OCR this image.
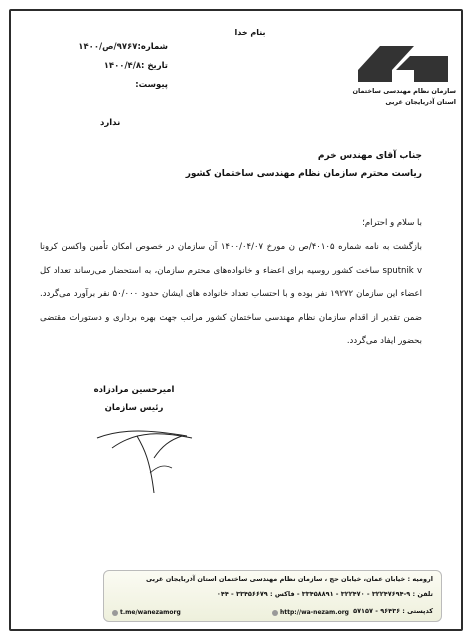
بنام خدا
شماره:
۹۷۶۷/ص/۱۴۰۰
تاریخ :
۱۴۰۰/۴/۸
پیوست:
سازمان نظام مهندسی ساختمان
استان آذربایجان غربی
ندارد
جناب آقای مهندس خرم
ریاست محترم سازمان نظام مهندسی ساختمان کشور
با سلام و احترام؛

بازگشت به نامه شماره ۴۰۱۰۵/ص ن مورخ ۱۴۰۰/۰۴/۰۷ آن سازمان در خصوص امکان تأمین واکسن کرونا sputnik v ساخت کشور روسیه برای اعضاء و خانواده‌های محترم سازمان، به استحضار می‌رساند تعداد کل اعضاء این سازمان ۱۹۲۷۲ نفر بوده و با احتساب تعداد خانواده های ایشان حدود ۵۰/۰۰۰ نفر برآورد می‌گردد. ضمن تقدیر از اقدام سازمان نظام مهندسی ساختمان کشور مراتب جهت بهره برداری و دستورات مقتضی بحضور ایفاد می‌گردد.

امیرحسین مرادزاده
رئیس سازمان
ارومیه : خیابان عمان، خیابان حج ، سازمان نظام مهندسی ساختمان استان آذربایجان غربی
تلفن : ۹-۳۲۲۴۷۶۹۴ - ۳۲۲۴۷۰ - ۳۳۴۵۸۸۹۱ - فاکس : ۳۳۴۵۶۶۷۹ - ۰۴۴
کدپستی : ۹۶۴۳۶ - ۵۷۱۵۷
http://wa-nezam.org
t.me/wanezamorg
